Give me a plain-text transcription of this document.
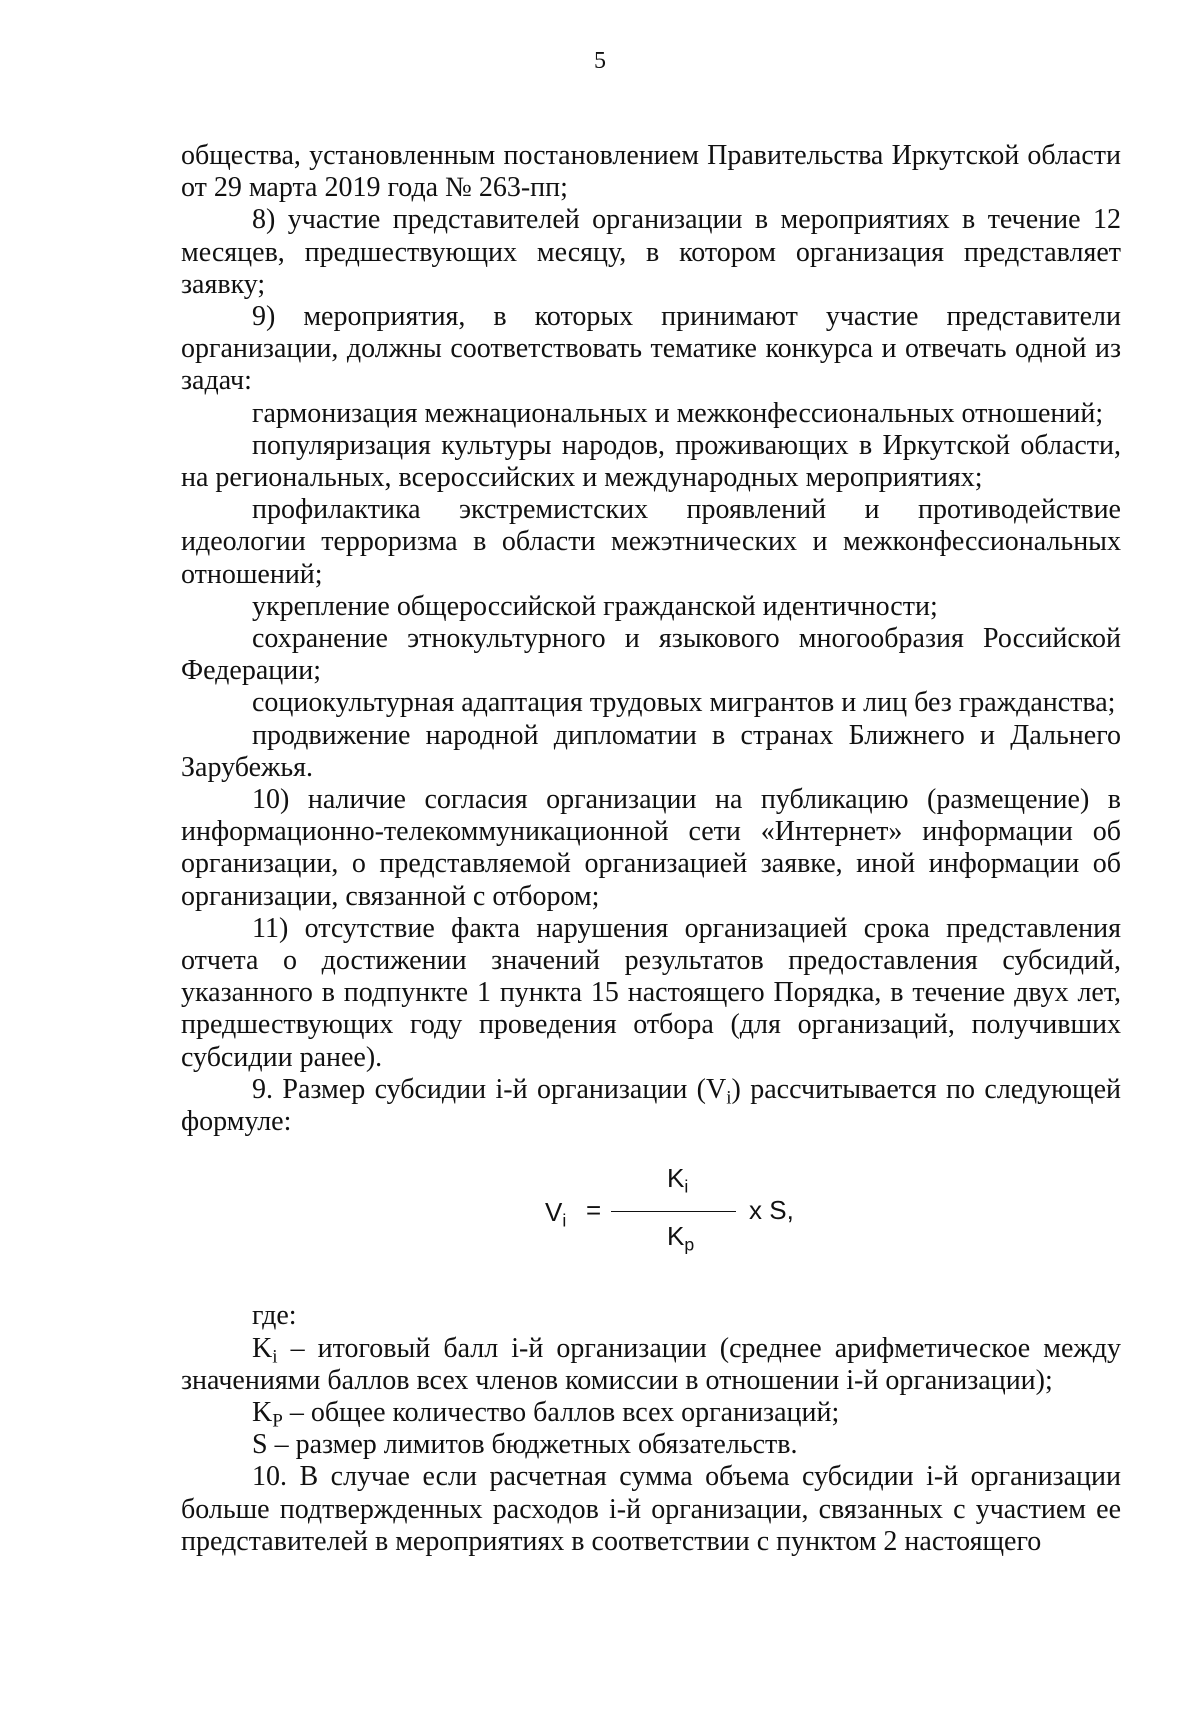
5

общества, установленным постановлением Правительства Иркутской области от 29 марта 2019 года № 263-пп;

8) участие представителей организации в мероприятиях в течение 12 месяцев, предшествующих месяцу, в котором организация представляет заявку;

9) мероприятия, в которых принимают участие представители организации, должны соответствовать тематике конкурса и отвечать одной из задач:

гармонизация межнациональных и межконфессиональных отношений;

популяризация культуры народов, проживающих в Иркутской области, на региональных, всероссийских и международных мероприятиях;

профилактика экстремистских проявлений и противодействие идеологии терроризма в области межэтнических и межконфессиональных отношений;

укрепление общероссийской гражданской идентичности;

сохранение этнокультурного и языкового многообразия Российской Федерации;

социокультурная адаптация трудовых мигрантов и лиц без гражданства;

продвижение народной дипломатии в странах Ближнего и Дальнего Зарубежья.

10) наличие согласия организации на публикацию (размещение) в информационно-телекоммуникационной сети «Интернет» информации об организации, о представляемой организацией заявке, иной информации об организации, связанной с отбором;

11) отсутствие факта нарушения организацией срока представления отчета о достижении значений результатов предоставления субсидий, указанного в подпункте 1 пункта 15 настоящего Порядка, в течение двух лет, предшествующих году проведения отбора (для организаций, получивших субсидии ранее).

9. Размер субсидии i-й организации $(V_i)$ рассчитывается по следующей формуле:

$V_i$ =
$K_i$
$K_p$
x S,

где:

$K_i$ – итоговый балл i-й организации (среднее арифметическое между значениями баллов всех членов комиссии в отношении i-й организации);

$K_P$ – общее количество баллов всех организаций;

S – размер лимитов бюджетных обязательств.

10. В случае если расчетная сумма объема субсидии i-й организации больше подтвержденных расходов i-й организации, связанных с участием ее представителей в мероприятиях в соответствии с пунктом 2 настоящего
